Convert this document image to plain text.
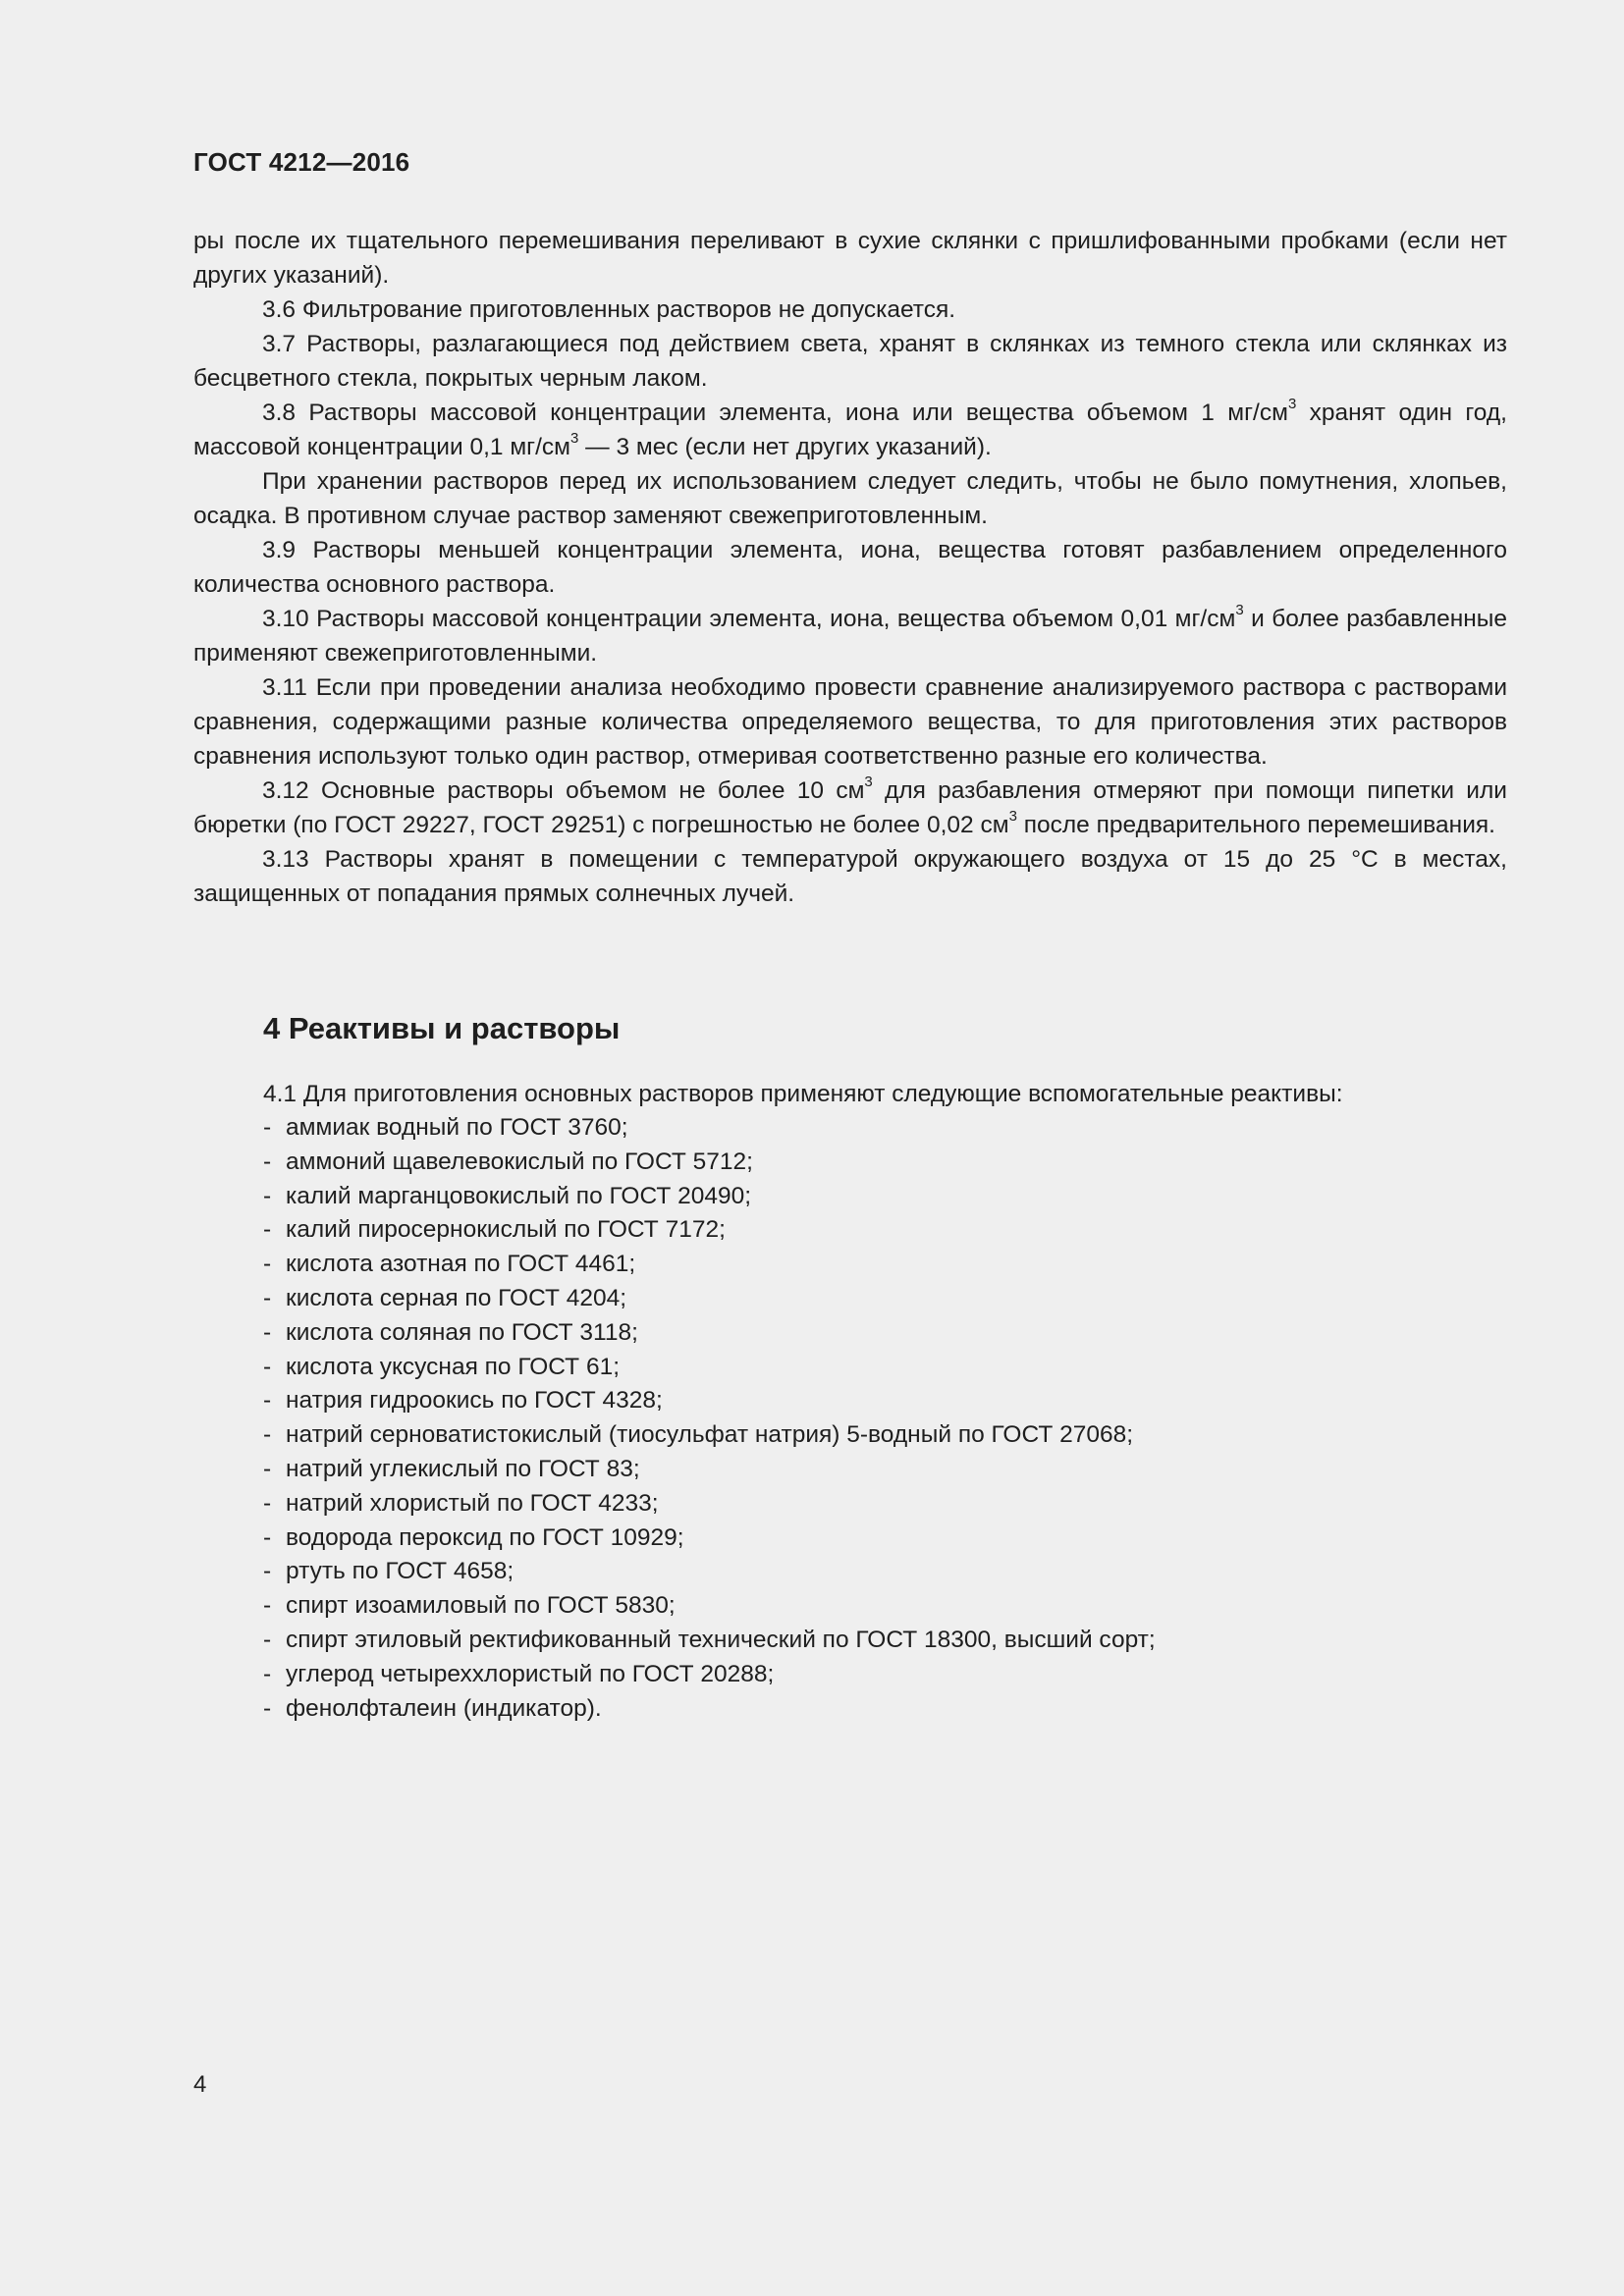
ГОСТ 4212—2016

ры после их тщательного перемешивания переливают в сухие склянки с пришлифованными пробками (если нет других указаний).

3.6 Фильтрование приготовленных растворов не допускается.

3.7 Растворы, разлагающиеся под действием света, хранят в склянках из темного стекла или склянках из бесцветного стекла, покрытых черным лаком.

3.8 Растворы массовой концентрации элемента, иона или вещества объемом 1 $мг/см^3$ хранят один год, массовой концентрации 0,1 $мг/см^3$ — 3 мес (если нет других указаний).

При хранении растворов перед их использованием следует следить, чтобы не было помутнения, хлопьев, осадка. В противном случае раствор заменяют свежеприготовленным.

3.9 Растворы меньшей концентрации элемента, иона, вещества готовят разбавлением определенного количества основного раствора.

3.10 Растворы массовой концентрации элемента, иона, вещества объемом 0,01 $мг/см^3$ и более разбавленные применяют свежеприготовленными.

3.11 Если при проведении анализа необходимо провести сравнение анализируемого раствора с растворами сравнения, содержащими разные количества определяемого вещества, то для приготовления этих растворов сравнения используют только один раствор, отмеривая соответственно разные его количества.

3.12 Основные растворы объемом не более 10 $см^3$ для разбавления отмеряют при помощи пипетки или бюретки (по ГОСТ 29227, ГОСТ 29251) с погрешностью не более 0,02 $см^3$ после предварительного перемешивания.

3.13 Растворы хранят в помещении с температурой окружающего воздуха от 15 до 25 °С в местах, защищенных от попадания прямых солнечных лучей.

4 Реактивы и растворы
4.1 Для приготовления основных растворов применяют следующие вспомогательные реактивы:
- аммиак водный по ГОСТ 3760;
- аммоний щавелевокислый по ГОСТ 5712;
- калий марганцовокислый по ГОСТ 20490;
- калий пиросернокислый по ГОСТ 7172;
- кислота азотная по ГОСТ 4461;
- кислота серная по ГОСТ 4204;
- кислота соляная по ГОСТ 3118;
- кислота уксусная по ГОСТ 61;
- натрия гидроокись по ГОСТ 4328;
- натрий серноватистокислый (тиосульфат натрия) 5-водный по ГОСТ 27068;
- натрий углекислый по ГОСТ 83;
- натрий хлористый по ГОСТ 4233;
- водорода пероксид по ГОСТ 10929;
- ртуть по ГОСТ 4658;
- спирт изоамиловый по ГОСТ 5830;
- спирт этиловый ректификованный технический по ГОСТ 18300, высший сорт;
- углерод четыреххлористый по ГОСТ 20288;
- фенолфталеин (индикатор).
4
